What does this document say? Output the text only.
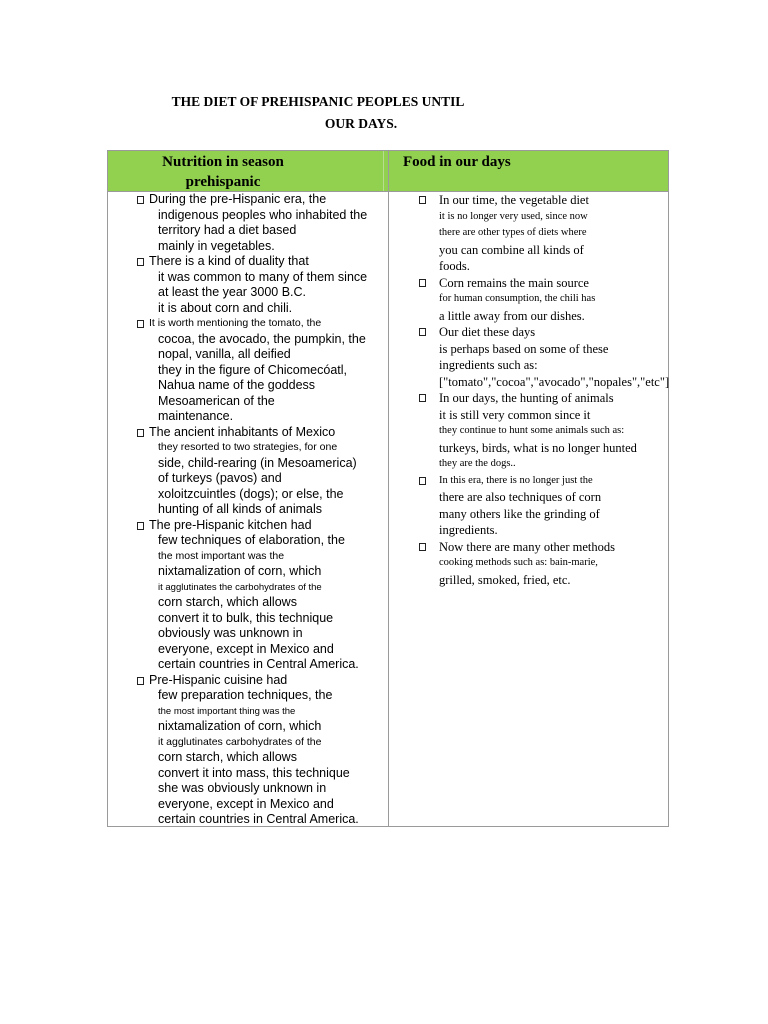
THE DIET OF PREHISPANIC PEOPLES UNTIL
OUR DAYS.
Nutrition in season
prehispanic
Food in our days
During the pre-Hispanic era, the
indigenous peoples who inhabited the
territory had a diet based
mainly in vegetables.
There is a kind of duality that
it was common to many of them since
at least the year 3000 B.C.
it is about corn and chili.
It is worth mentioning the tomato, the
cocoa, the avocado, the pumpkin, the
nopal, vanilla, all deified
they in the figure of Chicomecóatl,
Nahua name of the goddess
Mesoamerican of the
maintenance.
The ancient inhabitants of Mexico
they resorted to two strategies, for one
side, child-rearing (in Mesoamerica)
of turkeys (pavos) and
xoloitzcuintles (dogs); or else, the
hunting of all kinds of animals
The pre-Hispanic kitchen had
few techniques of elaboration, the
the most important was the
nixtamalization of corn, which
it agglutinates the carbohydrates of the
corn starch, which allows
convert it to bulk, this technique
obviously was unknown in
everyone, except in Mexico and
certain countries in Central America.
Pre-Hispanic cuisine had
few preparation techniques, the
the most important thing was the
nixtamalization of corn, which
it agglutinates carbohydrates of the
corn starch, which allows
convert it into mass, this technique
she was obviously unknown in
everyone, except in Mexico and
certain countries in Central America.
In our time, the vegetable diet
it is no longer very used, since now
there are other types of diets where
you can combine all kinds of
foods.
Corn remains the main source
for human consumption, the chili has
a little away from our dishes.
Our diet these days
is perhaps based on some of these
ingredients such as:
["tomato","cocoa","avocado","nopales","etc"]
In our days, the hunting of animals
it is still very common since it
they continue to hunt some animals such as:
turkeys, birds, what is no longer hunted
they are the dogs..
In this era, there is no longer just the
there are also techniques of corn
many others like the grinding of
ingredients.
Now there are many other methods
cooking methods such as: bain-marie,
grilled, smoked, fried, etc.
